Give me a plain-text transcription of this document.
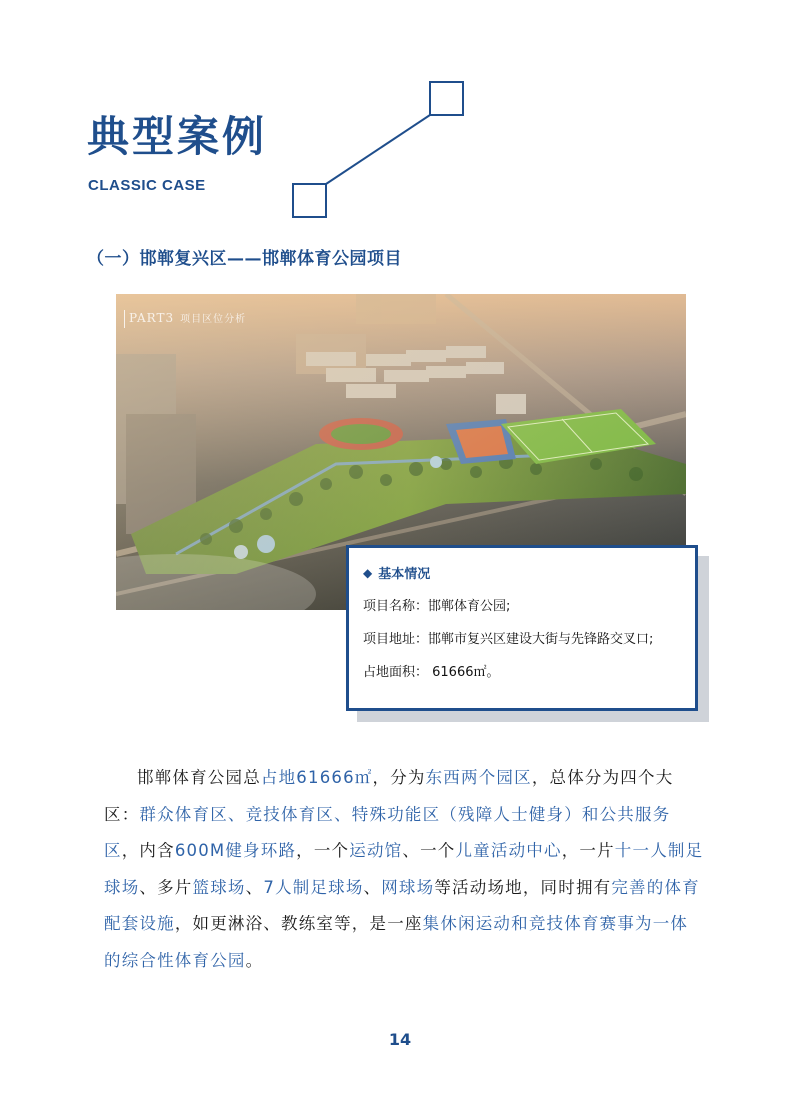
典型案例
CLASSIC CASE
（一）邯郸复兴区——邯郸体育公园项目
PART3 项目区位分析
◆ 基本情况
项目名称：邯郸体育公园;
项目地址：邯郸市复兴区建设大街与先锋路交叉口;
占地面积： 61666㎡。

邯郸体育公园总占地61666㎡，分为东西两个园区，总体分为四个大区：群众体育区、竞技体育区、特殊功能区（残障人士健身）和公共服务区，内含600M健身环路，一个运动馆、一个儿童活动中心，一片十一人制足球场、多片篮球场、7人制足球场、网球场等活动场地，同时拥有完善的体育配套设施，如更淋浴、教练室等，是一座集休闲运动和竞技体育赛事为一体的综合性体育公园。

14
